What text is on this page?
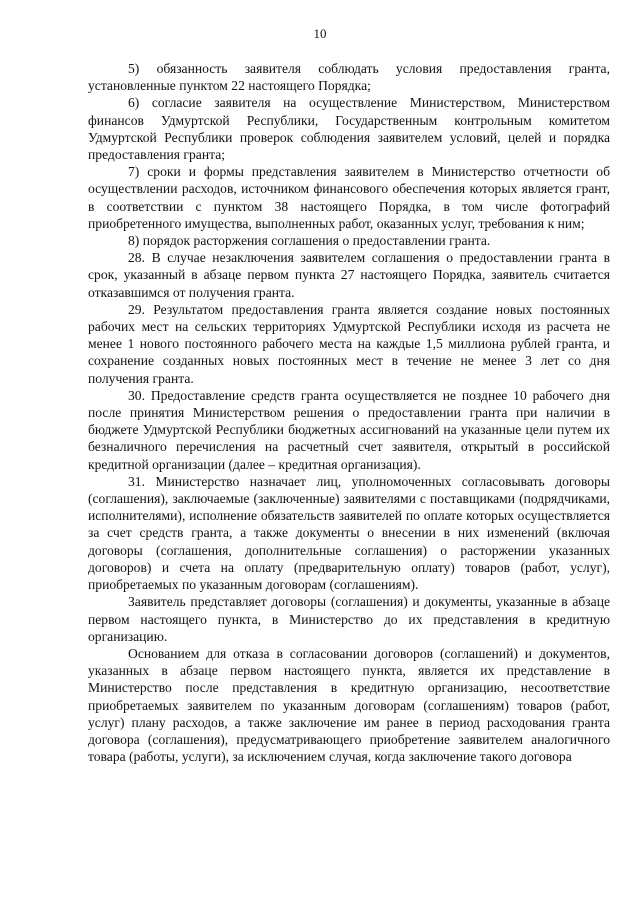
10

5) обязанность заявителя соблюдать условия предоставления гранта, установленные пунктом 22 настоящего Порядка;

6) согласие заявителя на осуществление Министерством, Министерством финансов Удмуртской Республики, Государственным контрольным комитетом Удмуртской Республики проверок соблюдения заявителем условий, целей и порядка предоставления гранта;

7) сроки и формы представления заявителем в Министерство отчетности об осуществлении расходов, источником финансового обеспечения которых является грант, в соответствии с пунктом 38 настоящего Порядка, в том числе фотографий приобретенного имущества, выполненных работ, оказанных услуг, требования к ним;

8) порядок расторжения соглашения о предоставлении гранта.

28. В случае незаключения заявителем соглашения о предоставлении гранта в срок, указанный в абзаце первом пункта 27 настоящего Порядка, заявитель считается отказавшимся от получения гранта.

29. Результатом предоставления гранта является создание новых постоянных рабочих мест на сельских территориях Удмуртской Республики исходя из расчета не менее 1 нового постоянного рабочего места на каждые 1,5 миллиона рублей гранта, и сохранение созданных новых постоянных мест в течение не менее 3 лет со дня получения гранта.

30. Предоставление средств гранта осуществляется не позднее 10 рабочего дня после принятия Министерством решения о предоставлении гранта при наличии в бюджете Удмуртской Республики бюджетных ассигнований на указанные цели путем их безналичного перечисления на расчетный счет заявителя, открытый в российской кредитной организации (далее – кредитная организация).

31. Министерство назначает лиц, уполномоченных согласовывать договоры (соглашения), заключаемые (заключенные) заявителями с поставщиками (подрядчиками, исполнителями), исполнение обязательств заявителей по оплате которых осуществляется за счет средств гранта, а также документы о внесении в них изменений (включая договоры (соглашения, дополнительные соглашения) о расторжении указанных договоров) и счета на оплату (предварительную оплату) товаров (работ, услуг), приобретаемых по указанным договорам (соглашениям).

Заявитель представляет договоры (соглашения) и документы, указанные в абзаце первом настоящего пункта, в Министерство до их представления в кредитную организацию.

Основанием для отказа в согласовании договоров (соглашений) и документов, указанных в абзаце первом настоящего пункта, является их представление в Министерство после представления в кредитную организацию, несоответствие приобретаемых заявителем по указанным договорам (соглашениям) товаров (работ, услуг) плану расходов, а также заключение им ранее в период расходования гранта договора (соглашения), предусматривающего приобретение заявителем аналогичного товара (работы, услуги), за исключением случая, когда заключение такого договора
